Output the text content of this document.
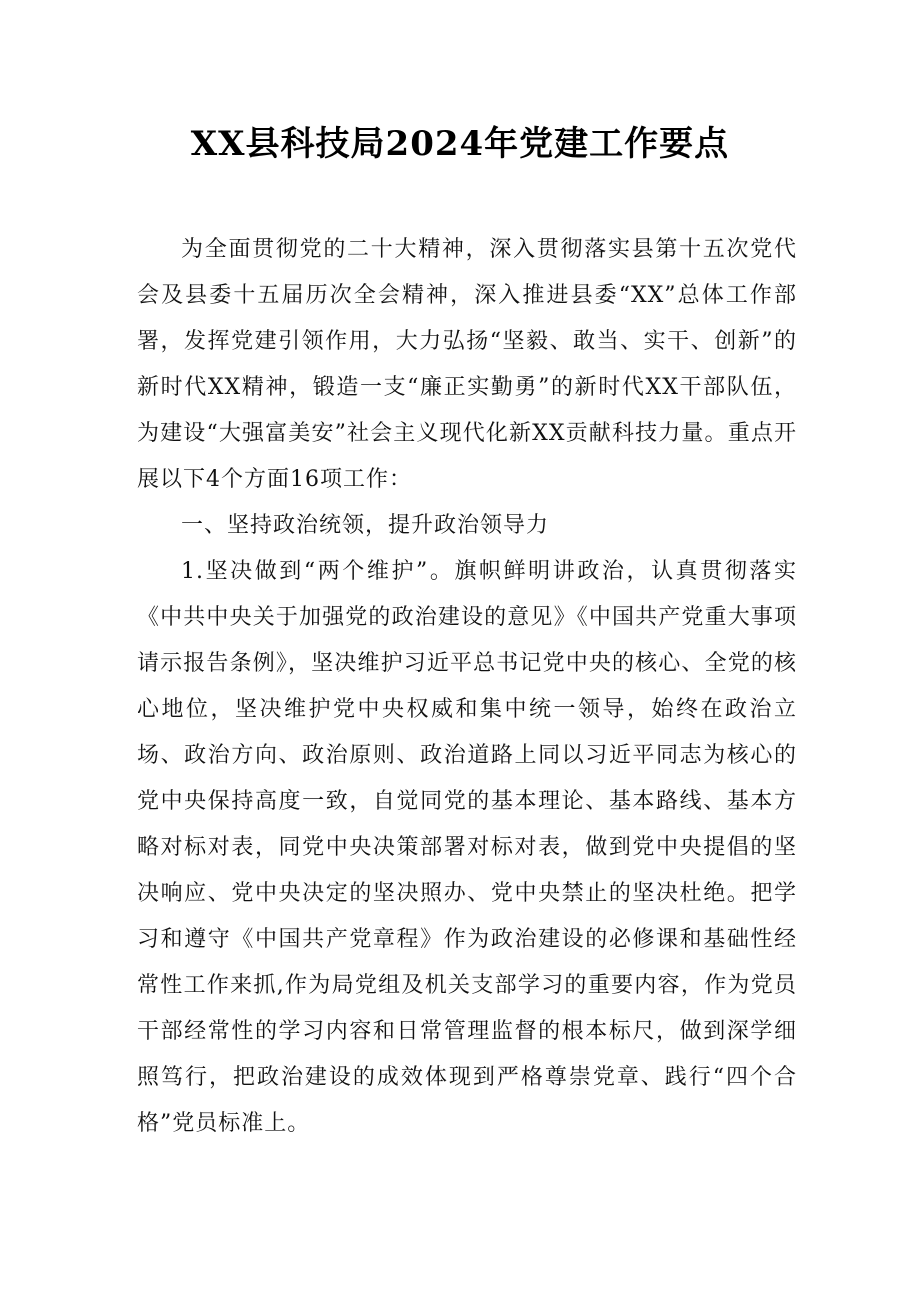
XX县科技局2024年党建工作要点

为全面贯彻党的二十大精神，深入贯彻落实县第十五次党代会及县委十五届历次全会精神，深入推进县委“XX”总体工作部署，发挥党建引领作用，大力弘扬“坚毅、敢当、实干、创新”的新时代XX精神，锻造一支“廉正实勤勇”的新时代XX干部队伍，为建设“大强富美安”社会主义现代化新XX贡献科技力量。重点开展以下4个方面16项工作：

一、坚持政治统领，提升政治领导力

1.坚决做到“两个维护”。旗帜鲜明讲政治，认真贯彻落实《中共中央关于加强党的政治建设的意见》《中国共产党重大事项请示报告条例》，坚决维护习近平总书记党中央的核心、全党的核心地位，坚决维护党中央权威和集中统一领导，始终在政治立场、政治方向、政治原则、政治道路上同以习近平同志为核心的党中央保持高度一致，自觉同党的基本理论、基本路线、基本方略对标对表，同党中央决策部署对标对表，做到党中央提倡的坚决响应、党中央决定的坚决照办、党中央禁止的坚决杜绝。把学习和遵守《中国共产党章程》作为政治建设的必修课和基础性经常性工作来抓,作为局党组及机关支部学习的重要内容，作为党员干部经常性的学习内容和日常管理监督的根本标尺，做到深学细照笃行，把政治建设的成效体现到严格尊崇党章、践行“四个合格”党员标准上。
